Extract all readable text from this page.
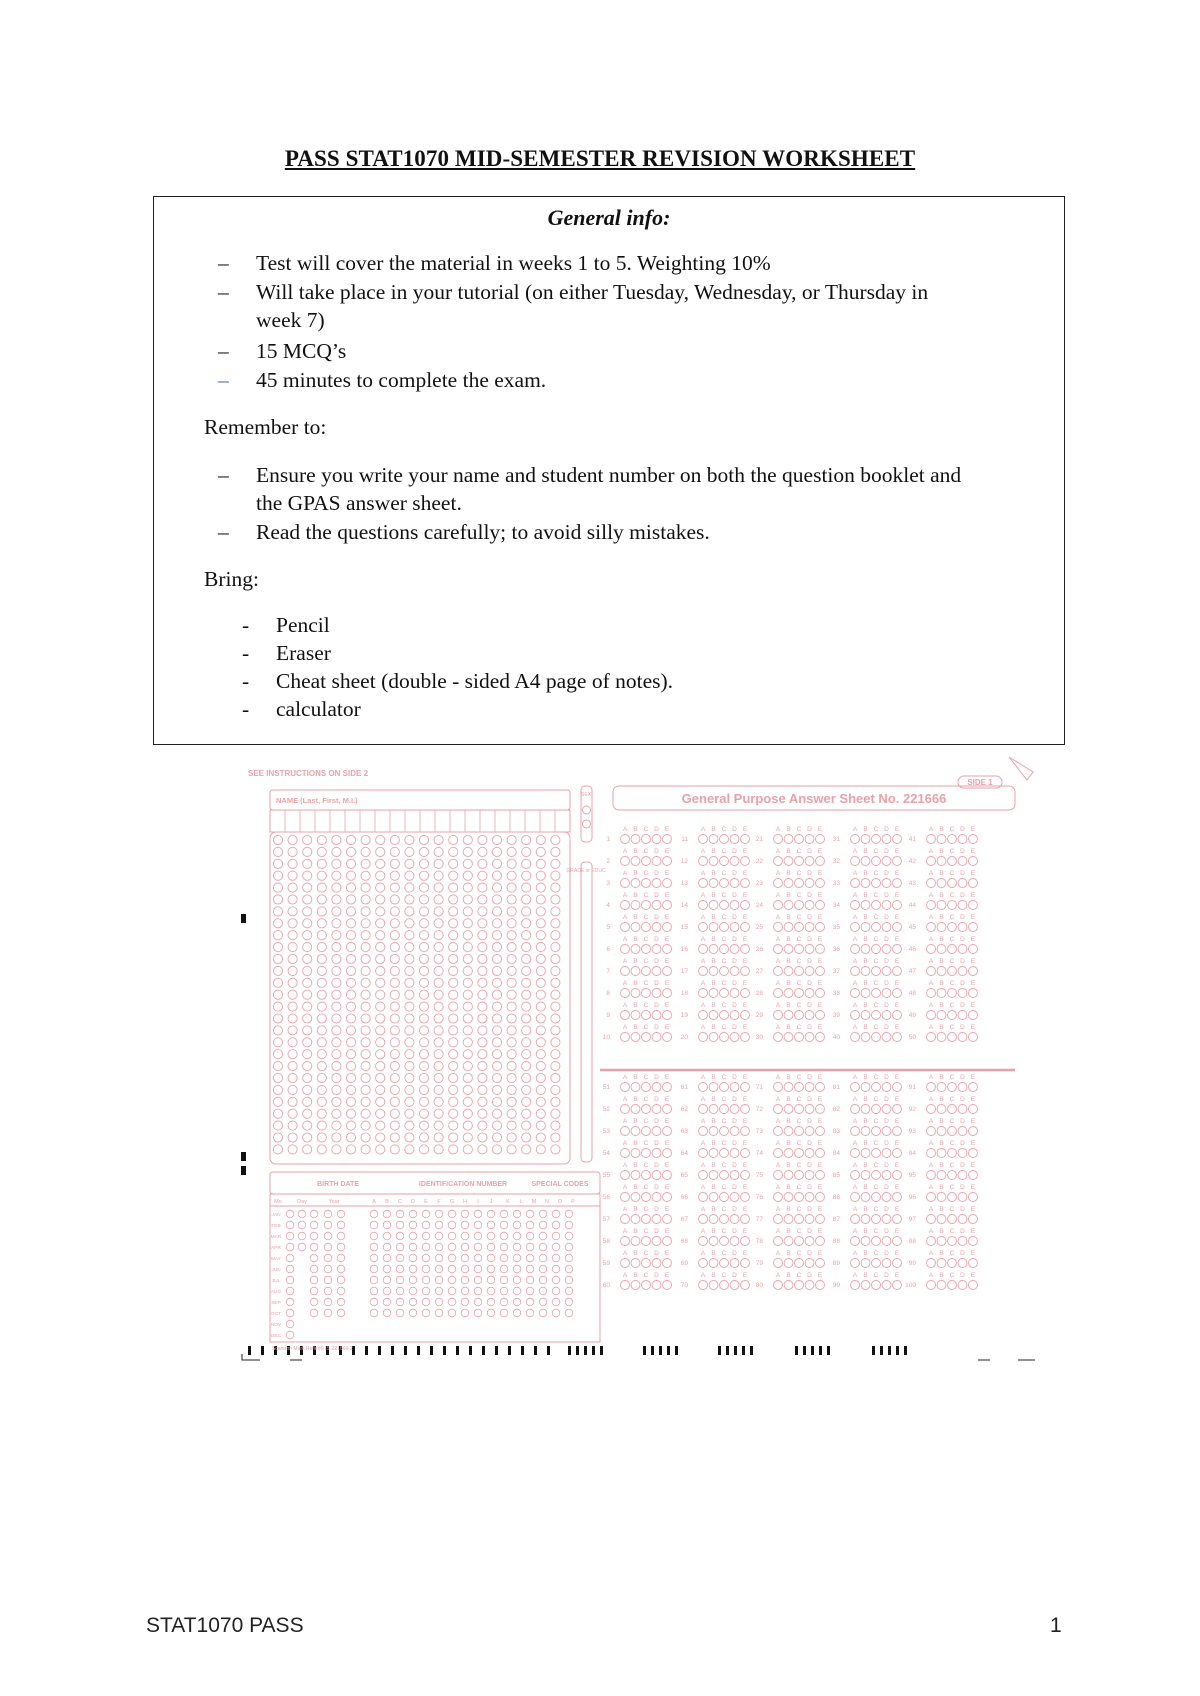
PASS STAT1070 MID-SEMESTER REVISION WORKSHEET
General info:
– Test will cover the material in weeks 1 to 5. Weighting 10%
– Will take place in your tutorial (on either Tuesday, Wednesday, or Thursday in
week 7)
– 15 MCQ’s
– 45 minutes to complete the exam.
Remember to:
– Ensure you write your name and student number on both the question booklet and
the GPAS answer sheet.
– Read the questions carefully; to avoid silly mistakes.
Bring:
- Pencil
- Eraser
- Cheat sheet (double - sided A4 page of notes).
- calculator
A B C D E
1
A B C D E
2
A B C D E
3
A B C D E
4
A B C D E
5
A B C D E
6
A B C D E
7
A B C D E
8
A B C D E
9
A B C D E
10
A B C D E
11
A B C D E
12
A B C D E
13
A B C D E
14
A B C D E
15
A B C D E
16
A B C D E
17
A B C D E
18
A B C D E
19
A B C D E
20
A B C D E
21
A B C D E
22
A B C D E
23
A B C D E
24
A B C D E
25
A B C D E
26
A B C D E
27
A B C D E
28
A B C D E
29
A B C D E
30
A B C D E
31
A B C D E
32
A B C D E
33
A B C D E
34
A B C D E
35
A B C D E
36
A B C D E
37
A B C D E
38
A B C D E
39
A B C D E
40
A B C D E
41
A B C D E
42
A B C D E
43
A B C D E
44
A B C D E
45
A B C D E
46
A B C D E
47
A B C D E
48
A B C D E
49
A B C D E
50
A B C D E
51
A B C D E
52
A B C D E
53
A B C D E
54
A B C D E
55
A B C D E
56
A B C D E
57
A B C D E
58
A B C D E
59
A B C D E
60
A B C D E
61
A B C D E
62
A B C D E
63
A B C D E
64
A B C D E
65
A B C D E
66
A B C D E
67
A B C D E
68
A B C D E
69
A B C D E
70
A B C D E
71
A B C D E
72
A B C D E
73
A B C D E
74
A B C D E
75
A B C D E
76
A B C D E
77
A B C D E
78
A B C D E
79
A B C D E
80
A B C D E
81
A B C D E
82
A B C D E
83
A B C D E
84
A B C D E
85
A B C D E
86
A B C D E
87
A B C D E
88
A B C D E
89
A B C D E
90
A B C D E
91
A B C D E
92
A B C D E
93
A B C D E
94
A B C D E
95
A B C D E
96
A B C D E
97
A B C D E
98
A B C D E
99
A B C D E
100
Mo	Day	Year	A B C D E F G H I J	K L M N O P
JAN
FEB
MAR
APR
MAY
JUN
JUL
AUG
SEP
OCT
NOV
DEC
SEE INSTRUCTIONS ON SIDE 2
SIDE 1
NAME (Last, First, M.I.)	General Purpose Answer Sheet No. 221666
GRADE or EDUC
SEX
BIRTH DATE	IDENTIFICATION NUMBER	SPECIAL CODES
Scantron Mark Reflex® IS-221666-2
STAT1070 PASS	1
